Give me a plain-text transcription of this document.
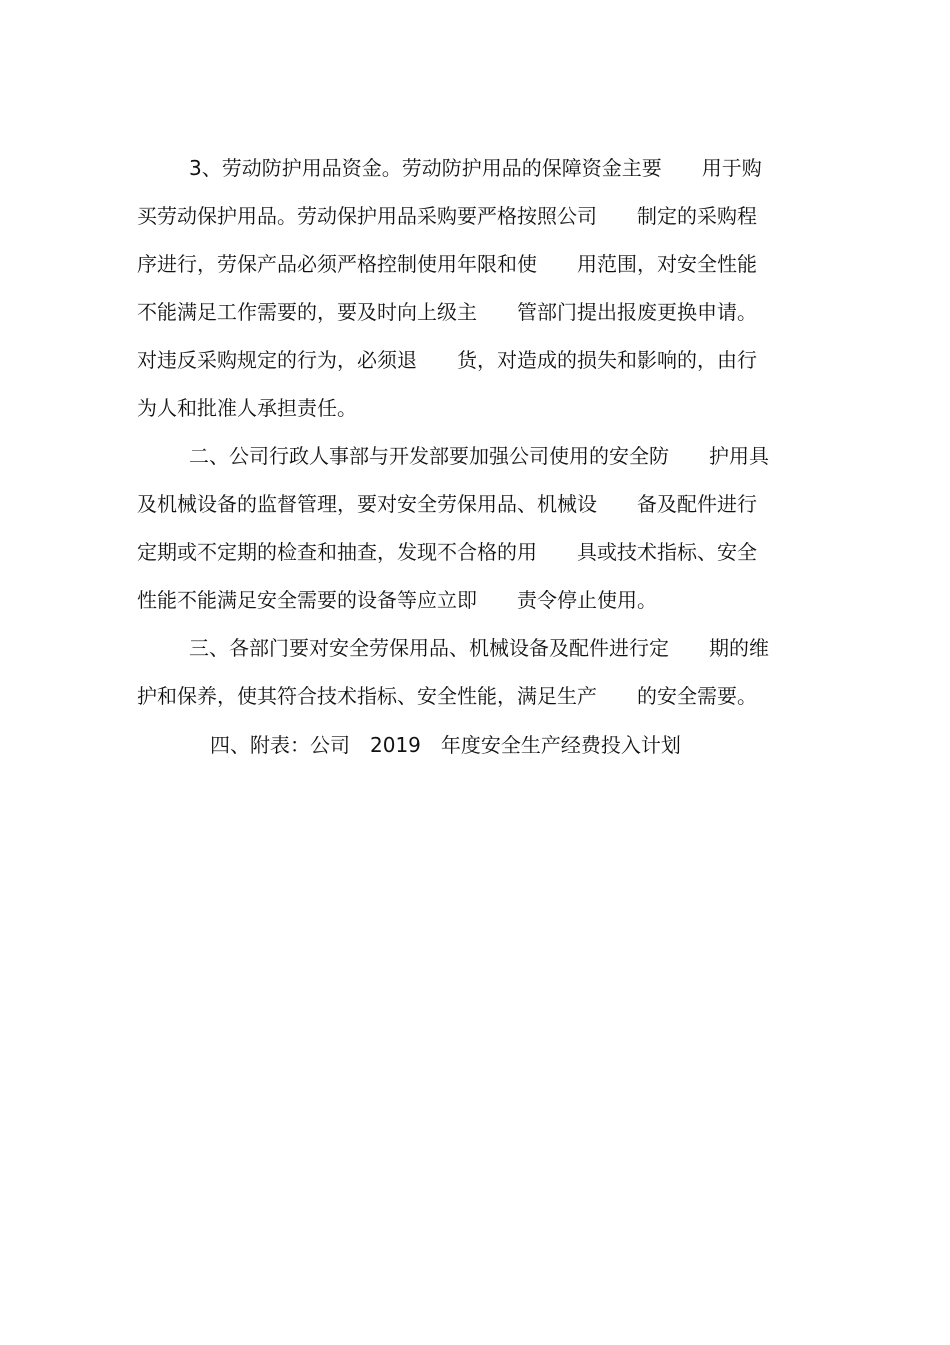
3、劳动防护用品资金。劳动防护用品的保障资金主要　　用于购
买劳动保护用品。劳动保护用品采购要严格按照公司　　制定的采购程
序进行，劳保产品必须严格控制使用年限和使　　用范围，对安全性能
不能满足工作需要的，要及时向上级主　　管部门提出报废更换申请。
对违反采购规定的行为，必须退　　货，对造成的损失和影响的，由行
为人和批准人承担责任。
二、公司行政人事部与开发部要加强公司使用的安全防　　护用具
及机械设备的监督管理，要对安全劳保用品、机械设　　备及配件进行
定期或不定期的检查和抽查，发现不合格的用　　具或技术指标、安全
性能不能满足安全需要的设备等应立即　　责令停止使用。
三、各部门要对安全劳保用品、机械设备及配件进行定　　期的维
护和保养，使其符合技术指标、安全性能，满足生产　　的安全需要。
四、附表：公司　2019　年度安全生产经费投入计划
